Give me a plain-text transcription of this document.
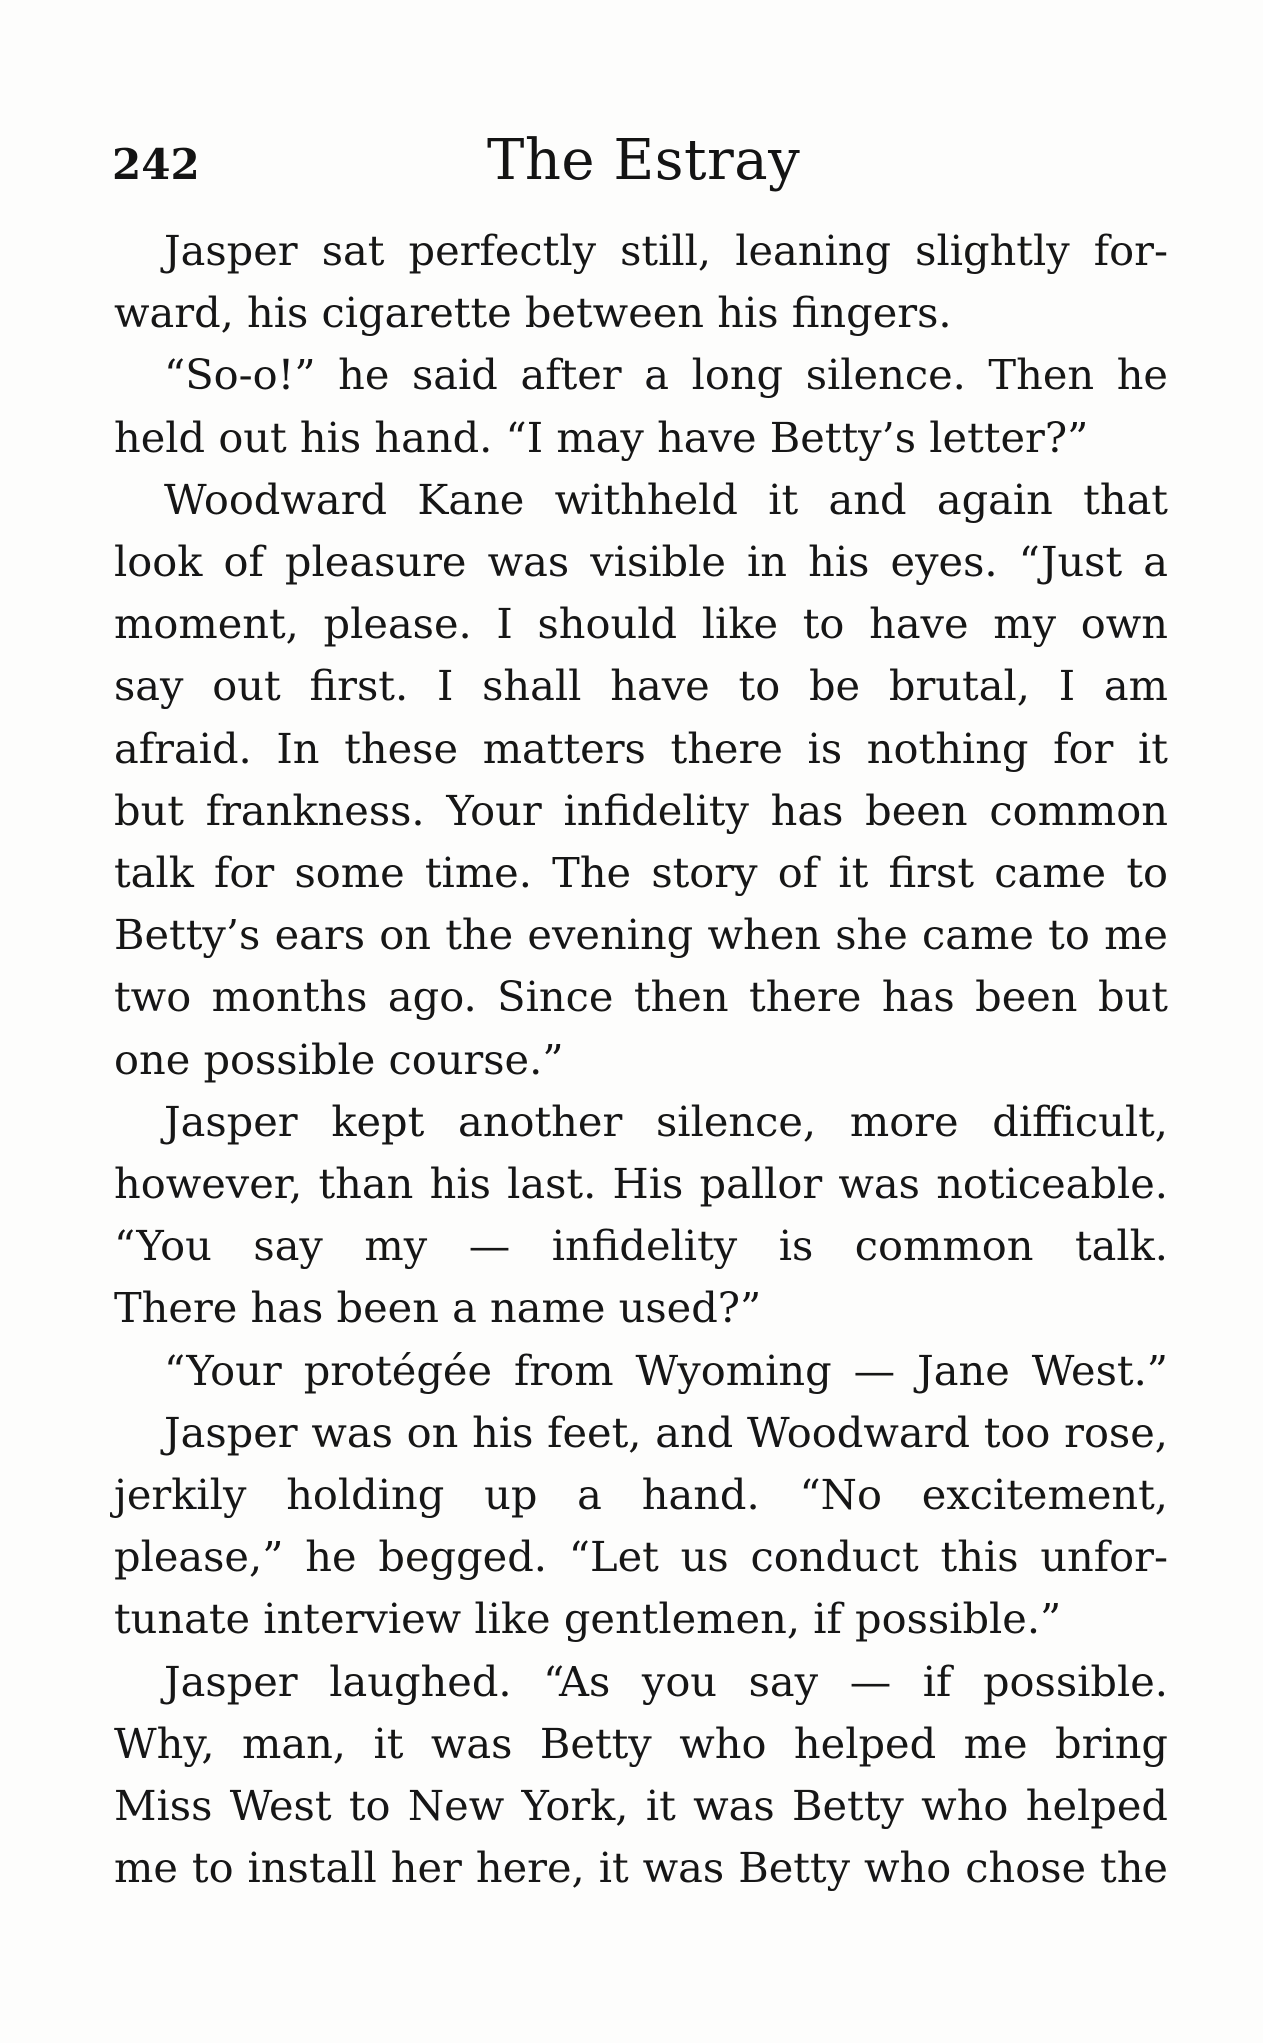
242	The Estray
Jasper sat perfectly still, leaning slightly for-
ward, his cigarette between his fingers.
“So-o!” he said after a long silence. Then he
held out his hand. “I may have Betty’s letter?”
Woodward Kane withheld it and again that
look of pleasure was visible in his eyes. “Just a
moment, please. I should like to have my own
say out first. I shall have to be brutal, I am
afraid. In these matters there is nothing for it
but frankness. Your infidelity has been common
talk for some time. The story of it first came to
Betty’s ears on the evening when she came to me
two months ago. Since then there has been but
one possible course.”
Jasper kept another silence, more difficult,
however, than his last. His pallor was noticeable.
“You say my — infidelity is common talk.
There has been a name used?”
“Your protégée from Wyoming — Jane West.”
Jasper was on his feet, and Woodward too rose,
jerkily holding up a hand. “No excitement,
please,” he begged. “Let us conduct this unfor-
tunate interview like gentlemen, if possible.”
Jasper laughed. “As you say — if possible.
Why, man, it was Betty who helped me bring
Miss West to New York, it was Betty who helped
me to install her here, it was Betty who chose the
